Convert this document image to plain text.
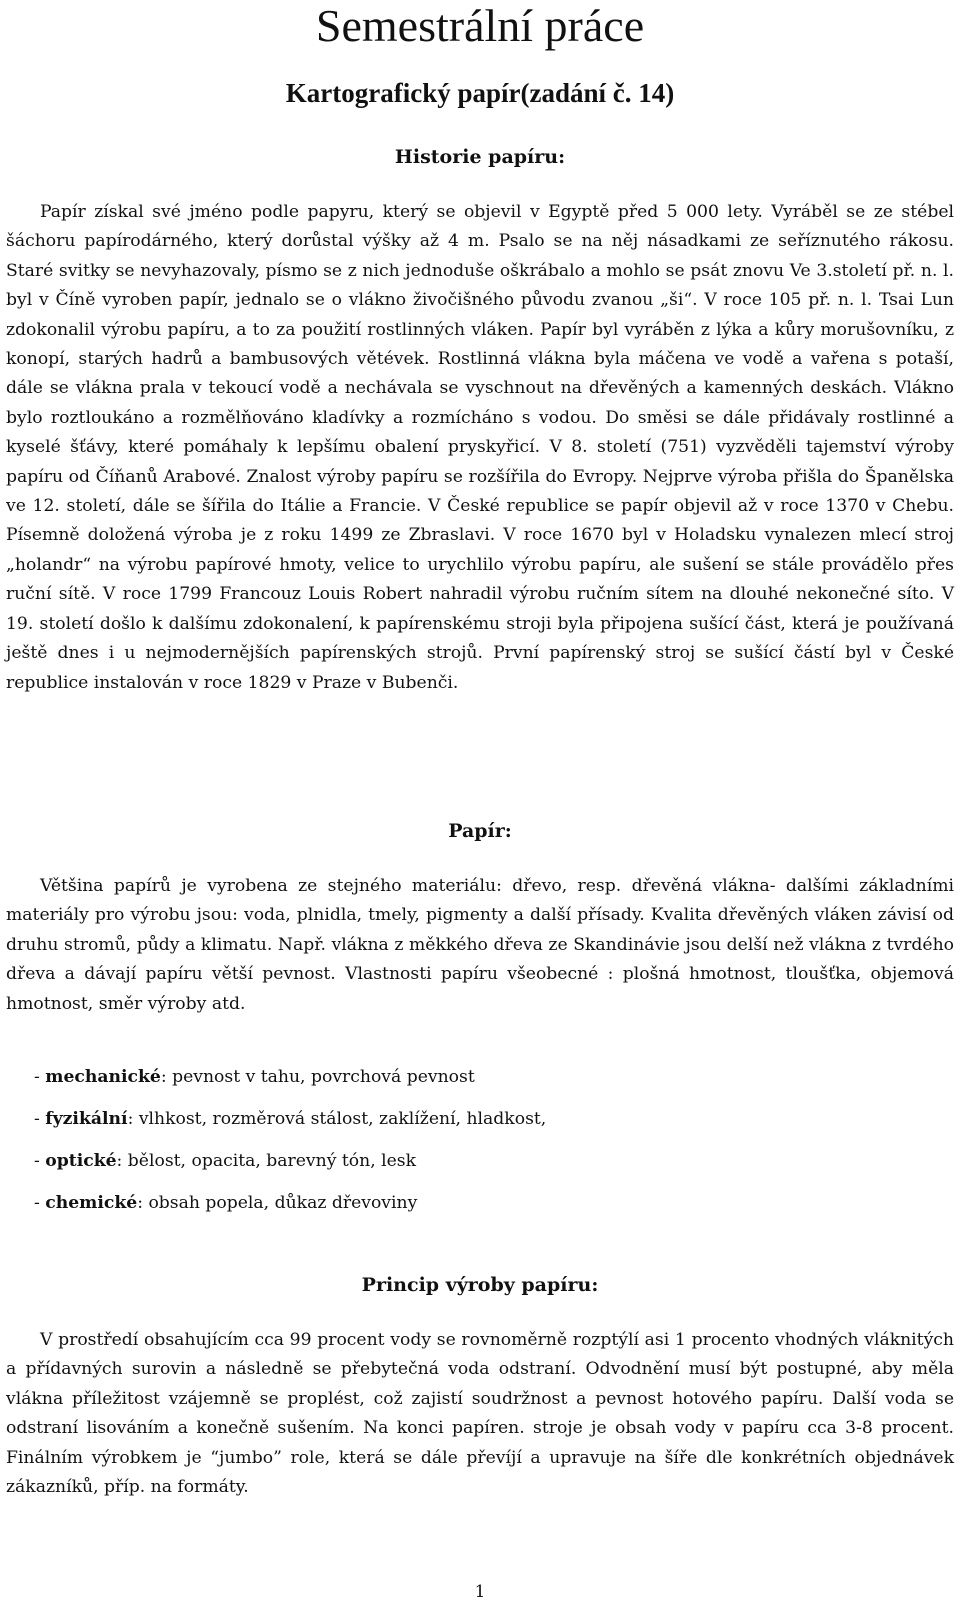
Semestrální práce
Kartografický papír(zadání č. 14)
Historie papíru:

Papír získal své jméno podle papyru, který se objevil v Egyptě před 5 000 lety. Vyráběl se ze stébel šáchoru papírodárného, který dorůstal výšky až 4 m. Psalo se na něj násadkami ze seříznutého rákosu. Staré svitky se nevyhazovaly, písmo se z nich jednoduše oškrábalo a mohlo se psát znovu Ve 3.století př. n. l. byl v Číně vyroben papír, jednalo se o vlákno živočišného původu zvanou „ši“. V roce 105 př. n. l. Tsai Lun zdokonalil výrobu papíru, a to za použití rostlinných vláken. Papír byl vyráběn z lýka a kůry morušovníku, z konopí, starých hadrů a bambusových větévek. Rostlinná vlákna byla máčena ve vodě a vařena s potaší, dále se vlákna prala v tekoucí vodě a nechávala se vyschnout na dřevěných a kamenných deskách. Vlákno bylo roztloukáno a rozmělňováno kladívky a rozmícháno s vodou. Do směsi se dále přidávaly rostlinné a kyselé šťávy, které pomáhaly k lepšímu obalení pryskyřicí. V 8. století (751) vyzvěděli tajemství výroby papíru od Číňanů Arabové. Znalost výroby papíru se rozšířila do Evropy. Nejprve výroba přišla do Španělska ve 12. století, dále se šířila do Itálie a Francie. V České republice se papír objevil až v roce 1370 v Chebu. Písemně doložená výroba je z roku 1499 ze Zbraslavi. V roce 1670 byl v Holadsku vynalezen mlecí stroj „holandr“ na výrobu papírové hmoty, velice to urychlilo výrobu papíru, ale sušení se stále provádělo přes ruční sítě. V roce 1799 Francouz Louis Robert nahradil výrobu ručním sítem na dlouhé nekonečné síto. V 19. století došlo k dalšímu zdokonalení, k papírenskému stroji byla připojena sušící část, která je používaná ještě dnes i u nejmodernějších papírenských strojů. První papírenský stroj se sušící částí byl v České republice instalován v roce 1829 v Praze v Bubenči.

Papír:

Většina papírů je vyrobena ze stejného materiálu: dřevo, resp. dřevěná vlákna- dalšími základními materiály pro výrobu jsou: voda, plnidla, tmely, pigmenty a další přísady. Kvalita dřevěných vláken závisí od druhu stromů, půdy a klimatu. Např. vlákna z měkkého dřeva ze Skandinávie jsou delší než vlákna z tvrdého dřeva a dávají papíru větší pevnost. Vlastnosti papíru všeobecné : plošná hmotnost, tloušťka, objemová hmotnost, směr výroby atd.

- mechanické: pevnost v tahu, povrchová pevnost
- fyzikální: vlhkost, rozměrová stálost, zaklížení, hladkost,
- optické: bělost, opacita, barevný tón, lesk
- chemické: obsah popela, důkaz dřevoviny
Princip výroby papíru:

V prostředí obsahujícím cca 99 procent vody se rovnoměrně rozptýlí asi 1 procento vhodných vláknitých a přídavných surovin a následně se přebytečná voda odstraní. Odvodnění musí být postupné, aby měla vlákna příležitost vzájemně se proplést, což zajistí soudržnost a pevnost hotového papíru. Další voda se odstraní lisováním a konečně sušením. Na konci papíren. stroje je obsah vody v papíru cca 3-8 procent. Finálním výrobkem je “jumbo” role, která se dále převíjí a upravuje na šíře dle konkrétních objednávek zákazníků, příp. na formáty.

1
